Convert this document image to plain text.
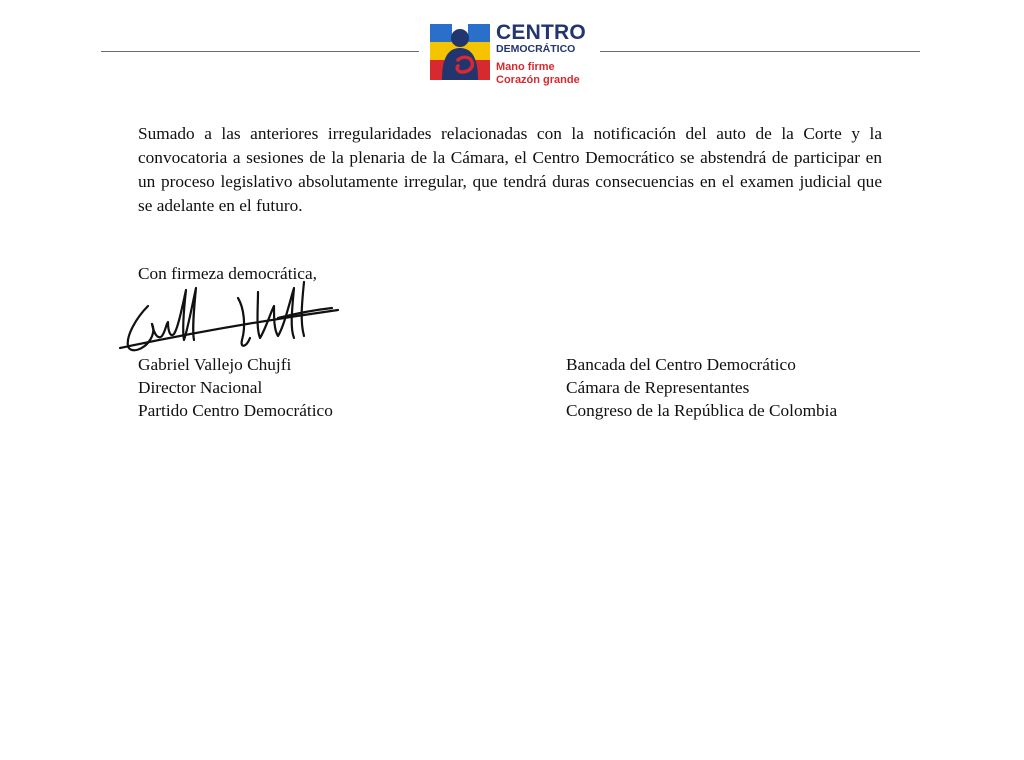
CENTRO
DEMOCRÁTICO
Mano firme
Corazón grande

Sumado a las anteriores irregularidades relacionadas con la notificación del auto de la Corte y la convocatoria a sesiones de la plenaria de la Cámara, el Centro Democrático se abstendrá de participar en un proceso legislativo absolutamente irregular, que tendrá duras consecuencias en el examen judicial que se adelante en el futuro.

Con firmeza democrática,
Gabriel Vallejo Chujfi
Director Nacional
Partido Centro Democrático
Bancada del Centro Democrático
Cámara de Representantes
Congreso de la República de Colombia
